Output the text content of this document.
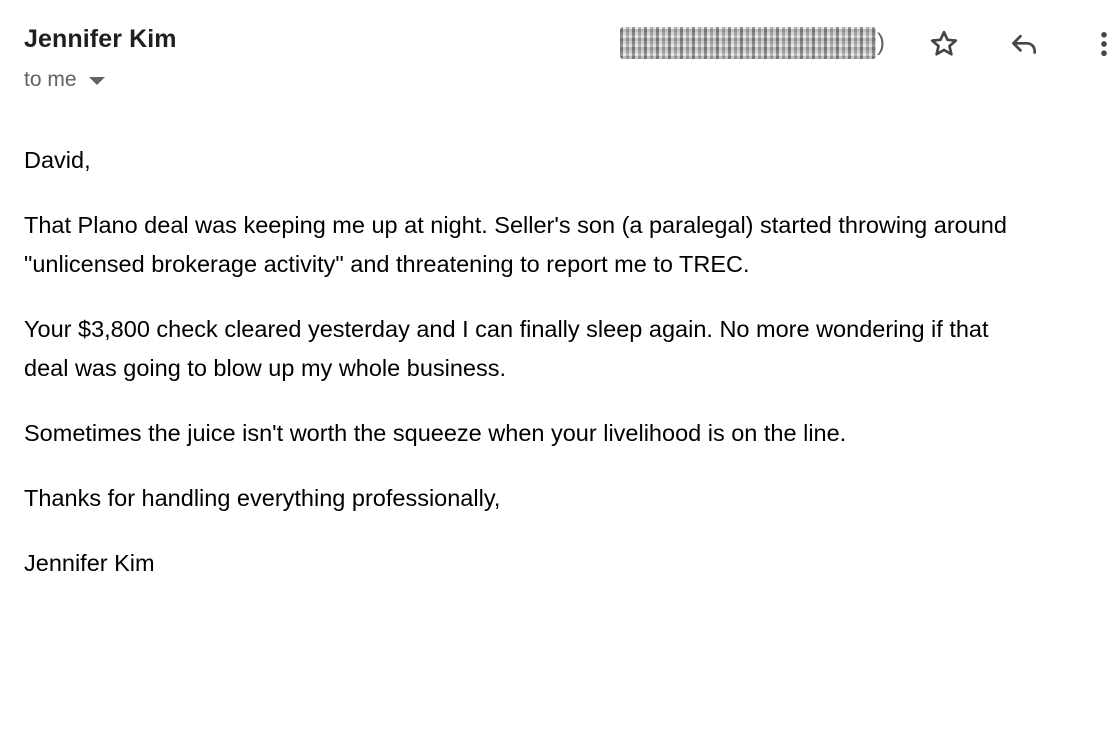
Jennifer Kim
to me
)

David,

That Plano deal was keeping me up at night. Seller's son (a paralegal) started throwing around
"unlicensed brokerage activity" and threatening to report me to TREC.

Your $3,800 check cleared yesterday and I can finally sleep again. No more wondering if that
deal was going to blow up my whole business.

Sometimes the juice isn't worth the squeeze when your livelihood is on the line.

Thanks for handling everything professionally,

Jennifer Kim
